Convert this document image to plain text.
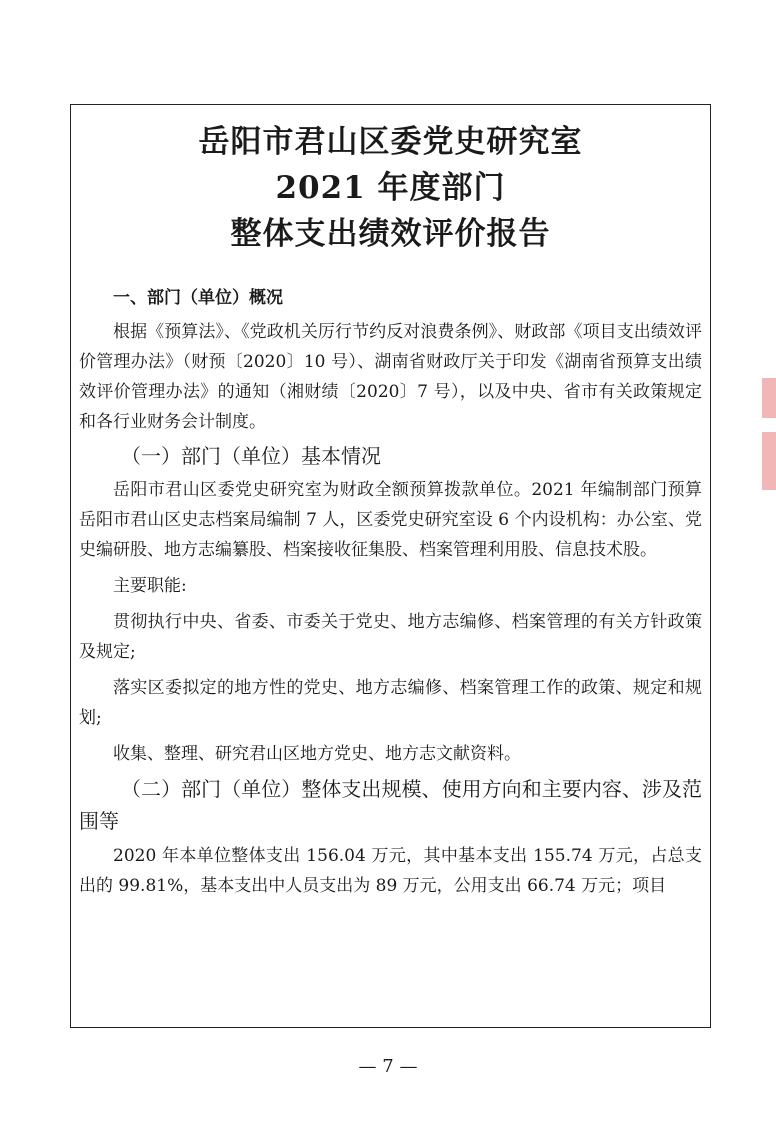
岳阳市君山区委党史研究室
2021 年度部门
整体支出绩效评价报告
一、部门（单位）概况

根据《预算法》、《党政机关厉行节约反对浪费条例》、财政部《项目支出绩效评价管理办法》（财预〔2020〕10 号）、湖南省财政厅关于印发《湖南省预算支出绩效评价管理办法》的通知（湘财绩〔2020〕7 号），以及中央、省市有关政策规定和各行业财务会计制度。

（一）部门（单位）基本情况

岳阳市君山区委党史研究室为财政全额预算拨款单位。2021 年编制部门预算岳阳市君山区史志档案局编制 7 人，区委党史研究室设 6 个内设机构：办公室、党史编研股、地方志编纂股、档案接收征集股、档案管理利用股、信息技术股。

主要职能:

贯彻执行中央、省委、市委关于党史、地方志编修、档案管理的有关方针政策及规定;

落实区委拟定的地方性的党史、地方志编修、档案管理工作的政策、规定和规划;

收集、整理、研究君山区地方党史、地方志文献资料。

（二）部门（单位）整体支出规模、使用方向和主要内容、涉及范围等

2020 年本单位整体支出 156.04 万元，其中基本支出 155.74 万元，占总支出的 99.81%，基本支出中人员支出为 89 万元，公用支出 66.74 万元；项目

— 7 —
